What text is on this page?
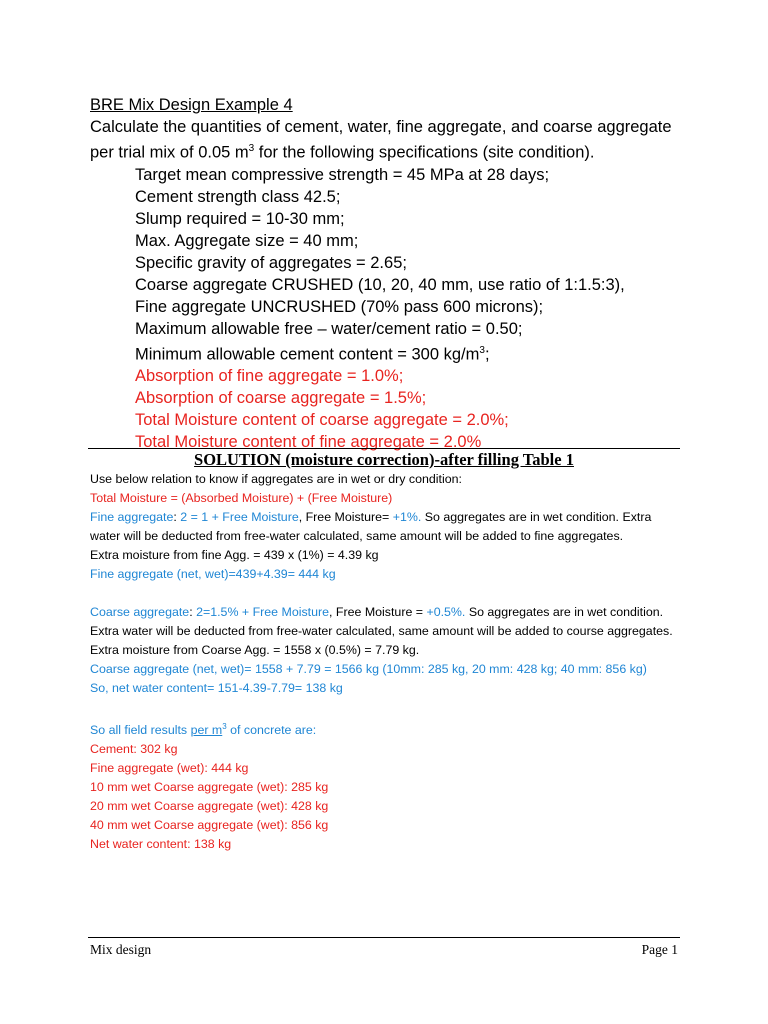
BRE Mix Design Example 4
Calculate the quantities of cement, water, fine aggregate, and coarse aggregate
per trial mix of 0.05 $m^3$ for the following specifications (site condition).
Target mean compressive strength = 45 MPa at 28 days;
Cement strength class 42.5;
Slump required = 10-30 mm;
Max. Aggregate size = 40 mm;
Specific gravity of aggregates = 2.65;
Coarse aggregate CRUSHED (10, 20, 40 mm, use ratio of 1:1.5:3),
Fine aggregate UNCRUSHED (70% pass 600 microns);
Maximum allowable free – water/cement ratio = 0.50;
Minimum allowable cement content = 300 $kg/m^3$;
Absorption of fine aggregate = 1.0%;
Absorption of coarse aggregate = 1.5%;
Total Moisture content of coarse aggregate = 2.0%;
Total Moisture content of fine aggregate = 2.0%
SOLUTION (moisture correction)-after filling Table 1
Use below relation to know if aggregates are in wet or dry condition:
Total Moisture = (Absorbed Moisture) + (Free Moisture)
Fine aggregate: 2 = 1 + Free Moisture, Free Moisture= +1%. So aggregates are in wet condition. Extra water will be deducted from free-water calculated, same amount will be added to fine aggregates.
Extra moisture from fine Agg. = 439 x (1%) = 4.39 kg
Fine aggregate (net, wet)=439+4.39= 444 kg
Coarse aggregate: 2=1.5% + Free Moisture, Free Moisture = +0.5%. So aggregates are in wet condition. Extra water will be deducted from free-water calculated, same amount will be added to course aggregates.
Extra moisture from Coarse Agg. = 1558 x (0.5%) = 7.79 kg.
Coarse aggregate (net, wet)= 1558 + 7.79 = 1566 kg (10mm: 285 kg, 20 mm: 428 kg; 40 mm: 856 kg)
So, net water content= 151-4.39-7.79= 138 kg
So all field results per $m^3$ of concrete are:
Cement: 302 kg
Fine aggregate (wet): 444 kg
10 mm wet Coarse aggregate (wet): 285 kg
20 mm wet Coarse aggregate (wet): 428 kg
40 mm wet Coarse aggregate (wet): 856 kg
Net water content: 138 kg
Mix design	Page 1
